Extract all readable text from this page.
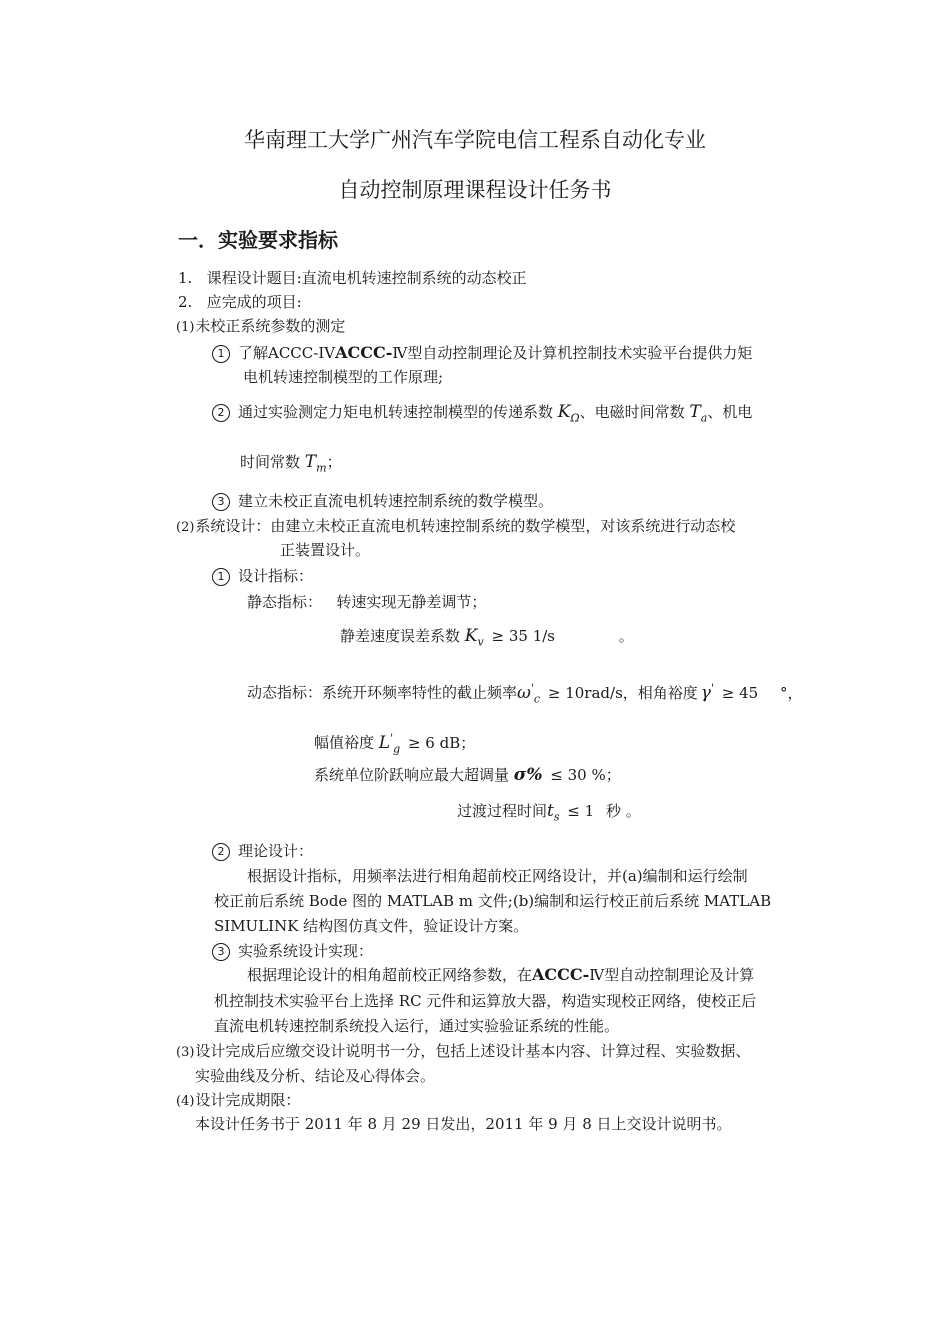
华南理工大学广州汽车学院电信工程系自动化专业
自动控制原理课程设计任务书
一．实验要求指标
1. 课程设计题目:直流电机转速控制系统的动态校正
2. 应完成的项目:
(1)未校正系统参数的测定
1 了解ACCC-IVACCC-Ⅳ型自动控制理论及计算机控制技术实验平台提供力矩
电机转速控制模型的工作原理;
2 通过实验测定力矩电机转速控制模型的传递系数 $K_\Omega$、电磁时间常数 $T_a$、机电
时间常数 $T_m$；
3 建立未校正直流电机转速控制系统的数学模型。
(2)系统设计：由建立未校正直流电机转速控制系统的数学模型，对该系统进行动态校
正装置设计。
1 设计指标：
静态指标： 转速实现无静差调节；
静差速度误差系数 $K_v \ge 35$ 1/s	。
动态指标：系统开环频率特性的截止频率$\omega'_c \ge 10rad/s$，相角裕度 γ' ≥ 45 °，
幅值裕度 $L'_g \ge 6$ dB；
系统单位阶跃响应最大超调量 σ% ≤ 30 %；
过渡过程时间$t_s \le 1$ 秒 。
2 理论设计：
根据设计指标，用频率法进行相角超前校正网络设计，并(a)编制和运行绘制
校正前后系统 Bode 图的 MATLAB m 文件;(b)编制和运行校正前后系统 MATLAB
SIMULINK 结构图仿真文件，验证设计方案。
3 实验系统设计实现：
根据理论设计的相角超前校正网络参数，在ACCC-Ⅳ型自动控制理论及计算
机控制技术实验平台上选择 RC 元件和运算放大器，构造实现校正网络，使校正后
直流电机转速控制系统投入运行，通过实验验证系统的性能。
(3)设计完成后应缴交设计说明书一分，包括上述设计基本内容、计算过程、实验数据、
实验曲线及分析、结论及心得体会。
(4)设计完成期限：
本设计任务书于 2011 年 8 月 29 日发出，2011 年 9 月 8 日上交设计说明书。
